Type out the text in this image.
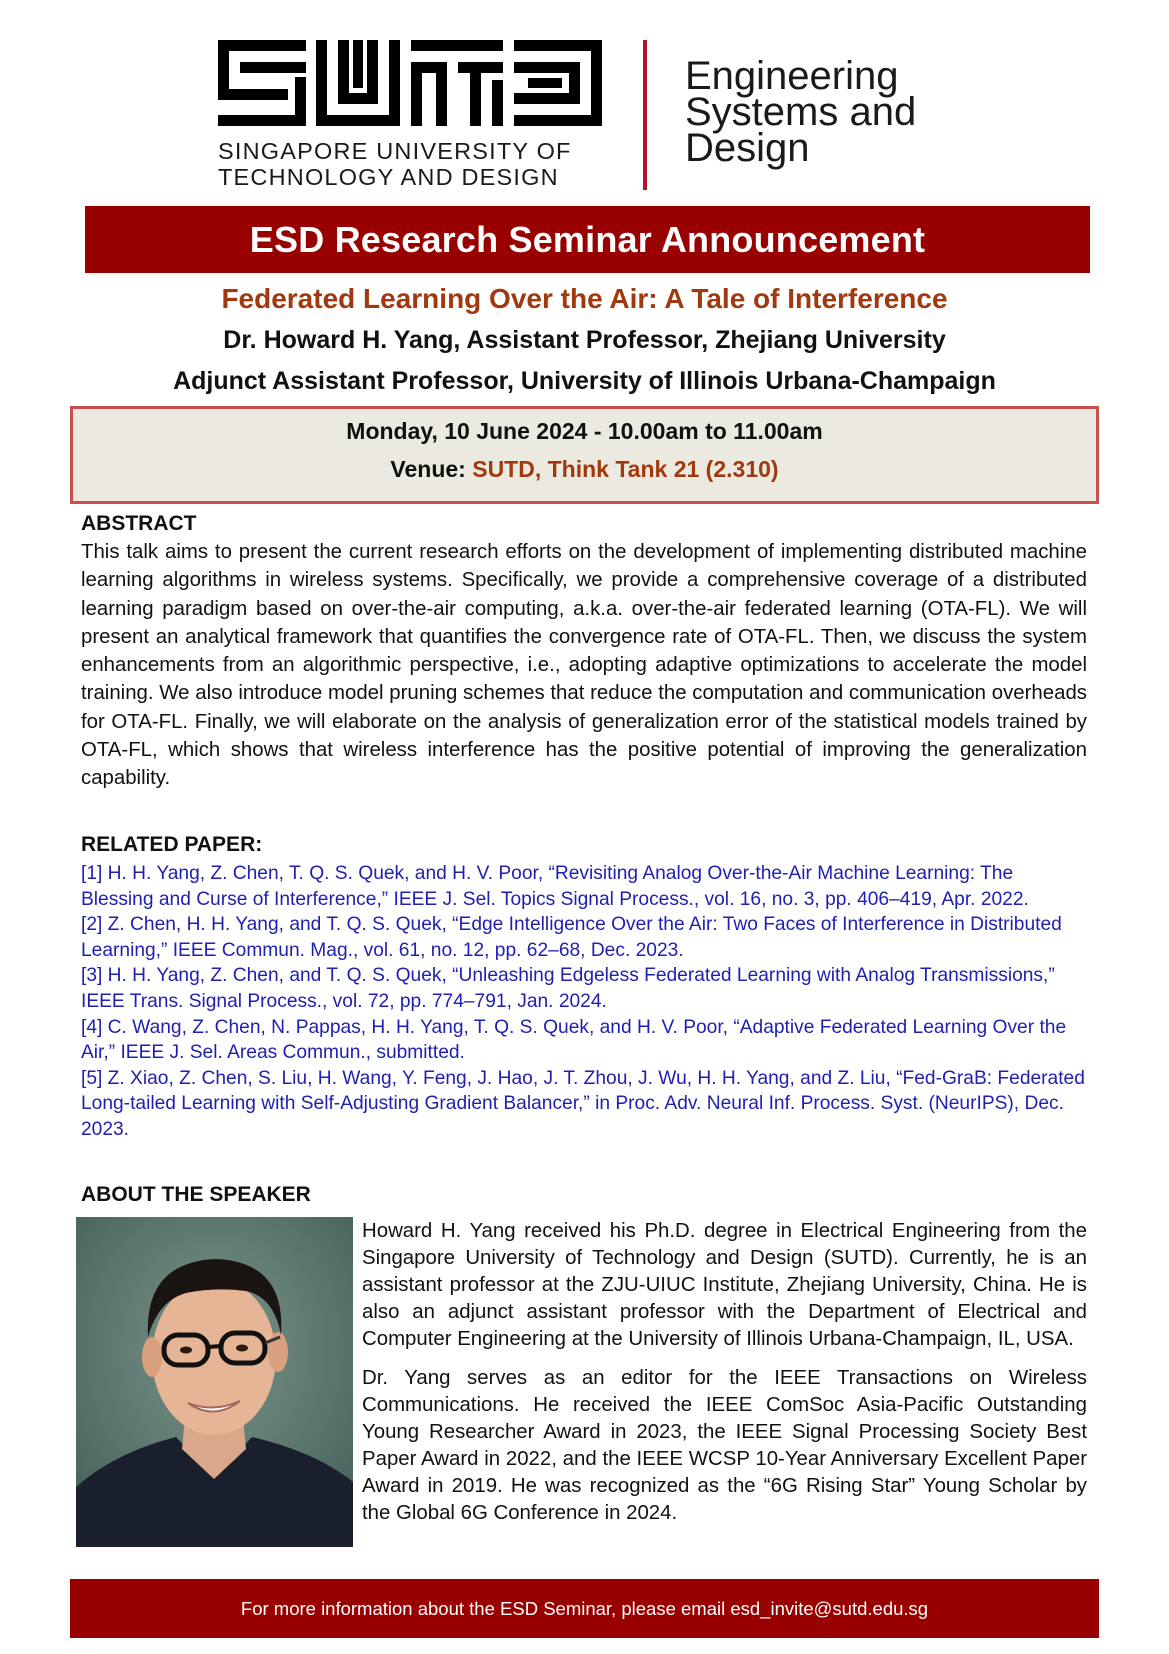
SINGAPORE UNIVERSITY OF
TECHNOLOGY AND DESIGN
Engineering
Systems and
Design
ESD Research Seminar Announcement
Federated Learning Over the Air: A Tale of Interference
Dr. Howard H. Yang, Assistant Professor, Zhejiang University
Adjunct Assistant Professor, University of Illinois Urbana-Champaign
Monday, 10 June 2024 - 10.00am to 11.00am
Venue: SUTD, Think Tank 21 (2.310)
ABSTRACT
This talk aims to present the current research efforts on the development of implementing distributed machine learning algorithms in wireless systems. Specifically, we provide a comprehensive coverage of a distributed learning paradigm based on over-the-air computing, a.k.a. over-the-air federated learning (OTA-FL). We will present an analytical framework that quantifies the convergence rate of OTA-FL. Then, we discuss the system enhancements from an algorithmic perspective, i.e., adopting adaptive optimizations to accelerate the model training. We also introduce model pruning schemes that reduce the computation and communication overheads for OTA-FL. Finally, we will elaborate on the analysis of generalization error of the statistical models trained by OTA-FL, which shows that wireless interference has the positive potential of improving the generalization capability.
RELATED PAPER:
[1] H. H. Yang, Z. Chen, T. Q. S. Quek, and H. V. Poor, “Revisiting Analog Over-the-Air Machine Learning: The Blessing and Curse of Interference,” IEEE J. Sel. Topics Signal Process., vol. 16, no. 3, pp. 406–419, Apr. 2022.
[2] Z. Chen, H. H. Yang, and T. Q. S. Quek, “Edge Intelligence Over the Air: Two Faces of Interference in Distributed Learning,” IEEE Commun. Mag., vol. 61, no. 12, pp. 62–68, Dec. 2023.
[3] H. H. Yang, Z. Chen, and T. Q. S. Quek, “Unleashing Edgeless Federated Learning with Analog Transmissions,” IEEE Trans. Signal Process., vol. 72, pp. 774–791, Jan. 2024.
[4] C. Wang, Z. Chen, N. Pappas, H. H. Yang, T. Q. S. Quek, and H. V. Poor, “Adaptive Federated Learning Over the Air,” IEEE J. Sel. Areas Commun., submitted.
[5] Z. Xiao, Z. Chen, S. Liu, H. Wang, Y. Feng, J. Hao, J. T. Zhou, J. Wu, H. H. Yang, and Z. Liu, “Fed-GraB: Federated Long-tailed Learning with Self-Adjusting Gradient Balancer,” in Proc. Adv. Neural Inf. Process. Syst. (NeurIPS), Dec. 2023.
ABOUT THE SPEAKER

Howard H. Yang received his Ph.D. degree in Electrical Engineering from the Singapore University of Technology and Design (SUTD). Currently, he is an assistant professor at the ZJU-UIUC Institute, Zhejiang University, China. He is also an adjunct assistant professor with the Department of Electrical and Computer Engineering at the University of Illinois Urbana-Champaign, IL, USA.

Dr. Yang serves as an editor for the IEEE Transactions on Wireless Communications. He received the IEEE ComSoc Asia-Pacific Outstanding Young Researcher Award in 2023, the IEEE Signal Processing Society Best Paper Award in 2022, and the IEEE WCSP 10-Year Anniversary Excellent Paper Award in 2019. He was recognized as the “6G Rising Star” Young Scholar by the Global 6G Conference in 2024.

For more information about the ESD Seminar, please email esd_invite@sutd.edu.sg
